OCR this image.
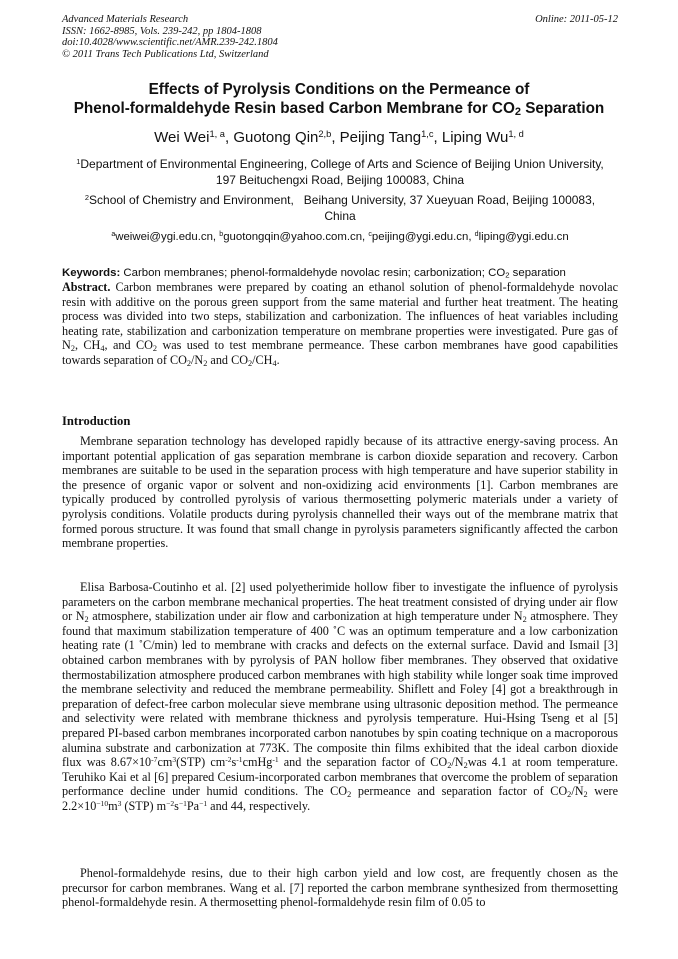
Advanced Materials Research
ISSN: 1662-8985, Vols. 239-242, pp 1804-1808
doi:10.4028/www.scientific.net/AMR.239-242.1804
© 2011 Trans Tech Publications Ltd, Switzerland
Online: 2011-05-12
Effects of Pyrolysis Conditions on the Permeance of
Phenol-formaldehyde Resin based Carbon Membrane for $CO_2$ Separation
Wei Wei$^{1, a}$, Guotong Qin$^{2,b}$, Peijing Tang$^{1,c}$, Liping Wu$^{1, d}$
$^1$Department of Environmental Engineering, College of Arts and Science of Beijing Union University,
197 Beituchengxi Road, Beijing 100083, China
$^2$School of Chemistry and Environment,   Beihang University, 37 Xueyuan Road, Beijing 100083,
China
$^a$weiwei@ygi.edu.cn, $^b$guotongqin@yahoo.com.cn, $^c$peijing@ygi.edu.cn, $^d$liping@ygi.edu.cn
Keywords: Carbon membranes; phenol-formaldehyde novolac resin; carbonization; $CO_2$ separation
Abstract. Carbon membranes were prepared by coating an ethanol solution of phenol-formaldehyde novolac resin with additive on the porous green support from the same material and further heat treatment. The heating process was divided into two steps, stabilization and carbonization. The influences of heat variables including heating rate, stabilization and carbonization temperature on membrane properties were investigated. Pure gas of $N_2$, $CH_4$, and $CO_2$ was used to test membrane permeance. These carbon membranes have good capabilities towards separation of $CO_2/N_2$ and $CO_2/CH_4$.
Introduction
Membrane separation technology has developed rapidly because of its attractive energy-saving process. An important potential application of gas separation membrane is carbon dioxide separation and recovery. Carbon membranes are suitable to be used in the separation process with high temperature and have superior stability in the presence of organic vapor or solvent and non-oxidizing acid environments [1]. Carbon membranes are typically produced by controlled pyrolysis of various thermosetting polymeric materials under a variety of pyrolysis conditions. Volatile products during pyrolysis channelled their ways out of the membrane matrix that formed porous structure. It was found that small change in pyrolysis parameters significantly affected the carbon membrane properties.
Elisa Barbosa-Coutinho et al. [2] used polyetherimide hollow fiber to investigate the influence of pyrolysis parameters on the carbon membrane mechanical properties. The heat treatment consisted of drying under air flow or $N_2$ atmosphere, stabilization under air flow and carbonization at high temperature under $N_2$ atmosphere. They found that maximum stabilization temperature of 400 ˚C was an optimum temperature and a low carbonization heating rate (1 ˚C/min) led to membrane with cracks and defects on the external surface. David and Ismail [3] obtained carbon membranes with by pyrolysis of PAN hollow fiber membranes. They observed that oxidative thermostabilization atmosphere produced carbon membranes with high stability while longer soak time improved the membrane selectivity and reduced the membrane permeability. Shiflett and Foley [4] got a breakthrough in preparation of defect-free carbon molecular sieve membrane using ultrasonic deposition method. The permeance and selectivity were related with membrane thickness and pyrolysis temperature. Hui-Hsing Tseng et al [5] prepared PI-based carbon membranes incorporated carbon nanotubes by spin coating technique on a macroporous alumina substrate and carbonization at 773K. The composite thin films exhibited that the ideal carbon dioxide flux was $8.67\times 10^{-7}cm^3(STP)$ $cm^{-2}s^{-1}cmHg^{-1}$ and the separation factor of $CO_2/N_2was$ 4.1 at room temperature. Teruhiko Kai et al [6] prepared Cesium-incorporated carbon membranes that overcome the problem of separation performance decline under humid conditions. The $CO_2$ permeance and separation factor of $CO_2/N_2$ were $2.2\times 10^{-10}m^3$ (STP) $m^{-2}s^{-1}Pa^{-1}$ and 44, respectively.
Phenol-formaldehyde resins, due to their high carbon yield and low cost, are frequently chosen as the precursor for carbon membranes. Wang et al. [7] reported the carbon membrane synthesized from thermosetting phenol-formaldehyde resin. A thermosetting phenol-formaldehyde resin film of 0.05 to
